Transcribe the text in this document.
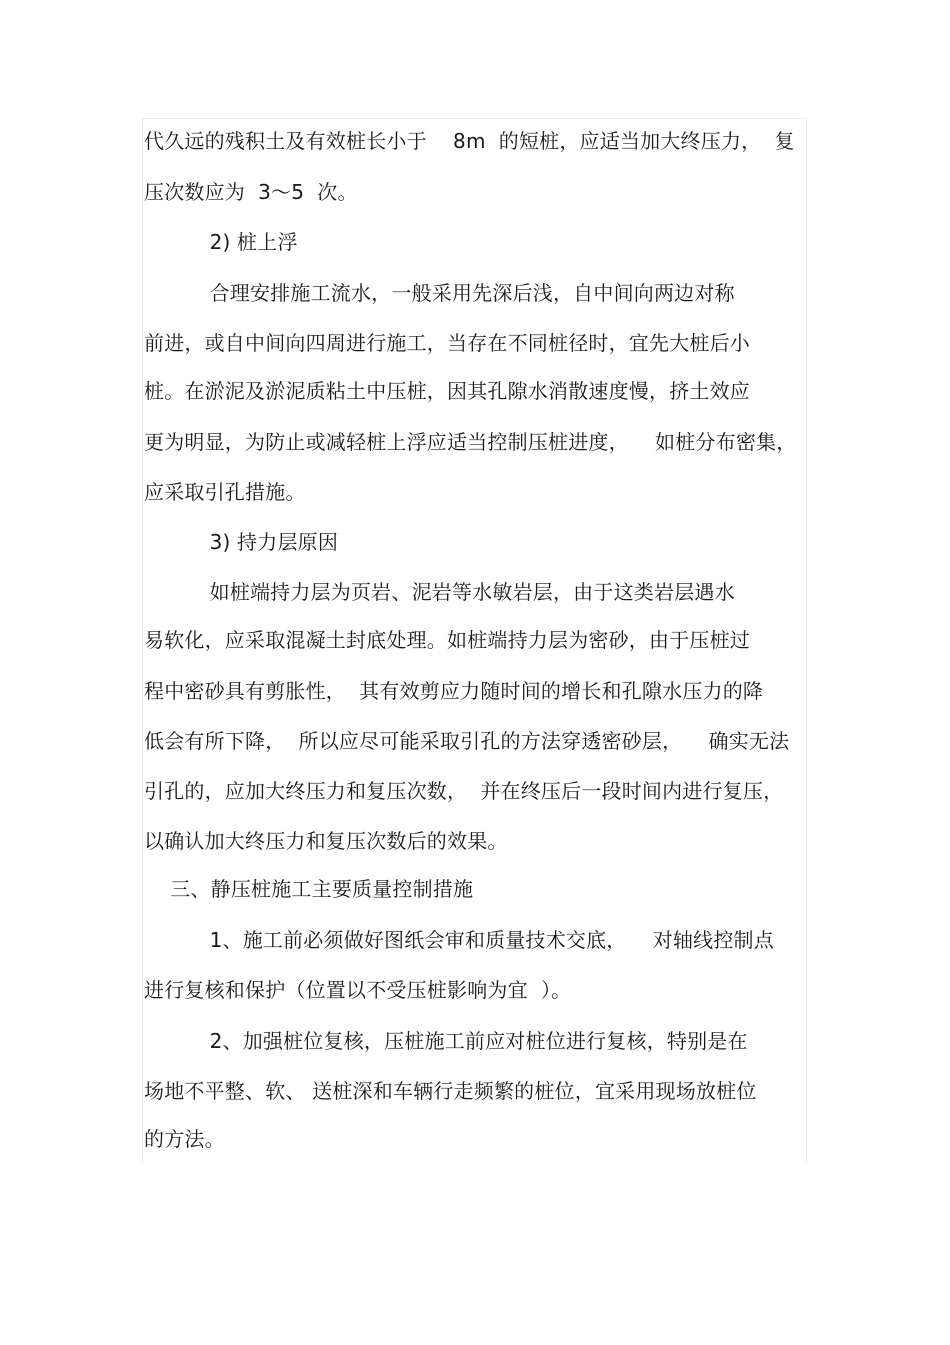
代久远的残积土及有效桩长小于    8m  的短桩，应适当加大终压力，  复
压次数应为  3～5  次。
2) 桩上浮
合理安排施工流水，一般采用先深后浅，自中间向两边对称
前进，或自中间向四周进行施工，当存在不同桩径时，宜先大桩后小
桩。在淤泥及淤泥质粘土中压桩，因其孔隙水消散速度慢，挤土效应
更为明显，为防止或减轻桩上浮应适当控制压桩进度，    如桩分布密集，
应采取引孔措施。
3) 持力层原因
如桩端持力层为页岩、泥岩等水敏岩层，由于这类岩层遇水
易软化，应采取混凝土封底处理。如桩端持力层为密砂，由于压桩过
程中密砂具有剪胀性，  其有效剪应力随时间的增长和孔隙水压力的降
低会有所下降，  所以应尽可能采取引孔的方法穿透密砂层，    确实无法
引孔的，应加大终压力和复压次数，  并在终压后一段时间内进行复压，
以确认加大终压力和复压次数后的效果。
三、静压桩施工主要质量控制措施
1、施工前必须做好图纸会审和质量技术交底，    对轴线控制点
进行复核和保护（位置以不受压桩影响为宜  ）。
2、加强桩位复核，压桩施工前应对桩位进行复核，特别是在
场地不平整、软、 送桩深和车辆行走频繁的桩位，宜采用现场放桩位
的方法。
